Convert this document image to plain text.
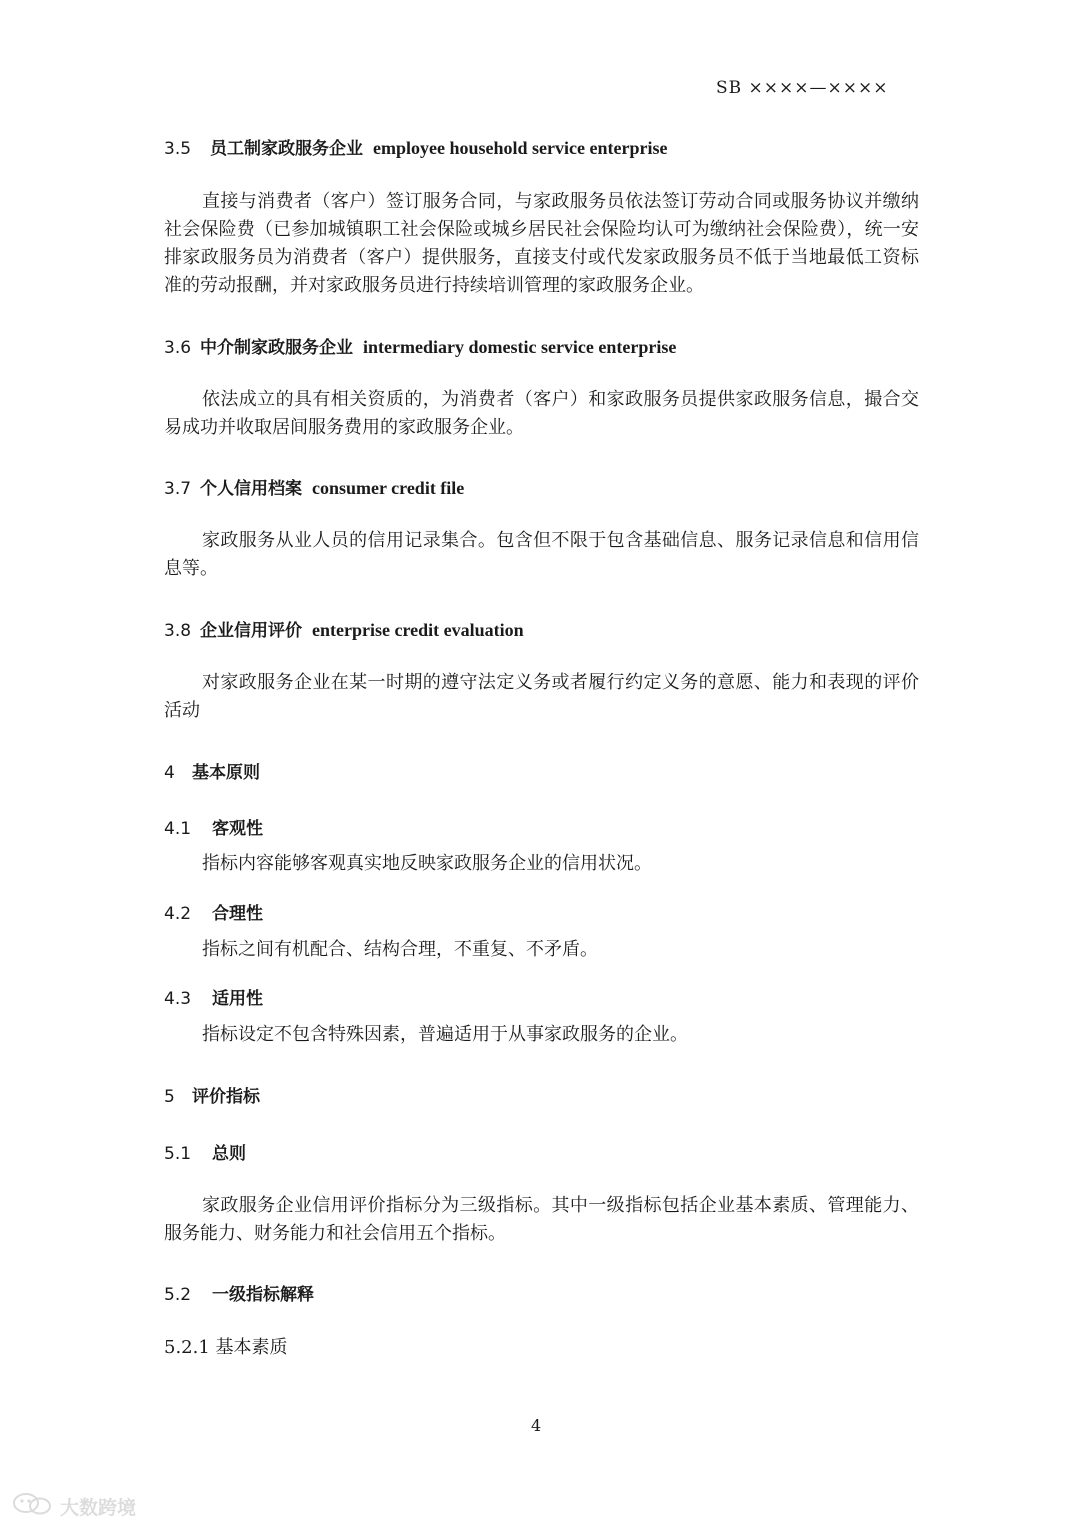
SB ××××—××××
3.5 员工制家政服务企业 employee household service enterprise
直接与消费者（客户）签订服务合同，与家政服务员依法签订劳动合同或服务协议并缴纳社会保险费（已参加城镇职工社会保险或城乡居民社会保险均认可为缴纳社会保险费），统一安排家政服务员为消费者（客户）提供服务，直接支付或代发家政服务员不低于当地最低工资标准的劳动报酬，并对家政服务员进行持续培训管理的家政服务企业。
3.6 中介制家政服务企业 intermediary domestic service enterprise
依法成立的具有相关资质的，为消费者（客户）和家政服务员提供家政服务信息，撮合交易成功并收取居间服务费用的家政服务企业。
3.7 个人信用档案 consumer credit file
家政服务从业人员的信用记录集合。包含但不限于包含基础信息、服务记录信息和信用信息等。
3.8 企业信用评价 enterprise credit evaluation
对家政服务企业在某一时期的遵守法定义务或者履行约定义务的意愿、能力和表现的评价活动
4 基本原则
4.1 客观性
指标内容能够客观真实地反映家政服务企业的信用状况。
4.2 合理性
指标之间有机配合、结构合理，不重复、不矛盾。
4.3 适用性
指标设定不包含特殊因素，普遍适用于从事家政服务的企业。
5 评价指标
5.1 总则
家政服务企业信用评价指标分为三级指标。其中一级指标包括企业基本素质、管理能力、服务能力、财务能力和社会信用五个指标。
5.2 一级指标解释
5.2.1 基本素质
4
大数跨境
